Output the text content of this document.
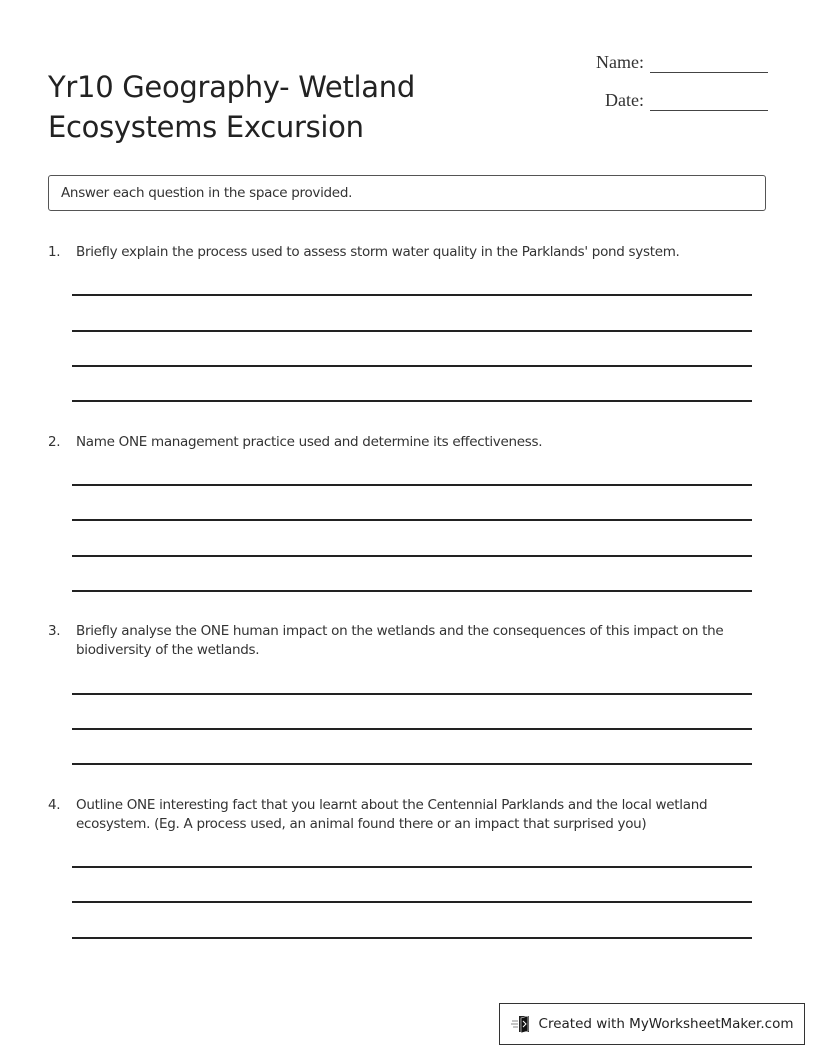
Yr10 Geography- Wetland
Ecosystems Excursion
Name:
Date:
Answer each question in the space provided.
1.	Briefly explain the process used to assess storm water quality in the Parklands' pond system.
2.	Name ONE management practice used and determine its effectiveness.
3.	Briefly analyse the ONE human impact on the wetlands and the consequences of this impact on the biodiversity of the wetlands.
4.	Outline ONE interesting fact that you learnt about the Centennial Parklands and the local wetland ecosystem. (Eg. A process used, an animal found there or an impact that surprised you)
Created with MyWorksheetMaker.com
